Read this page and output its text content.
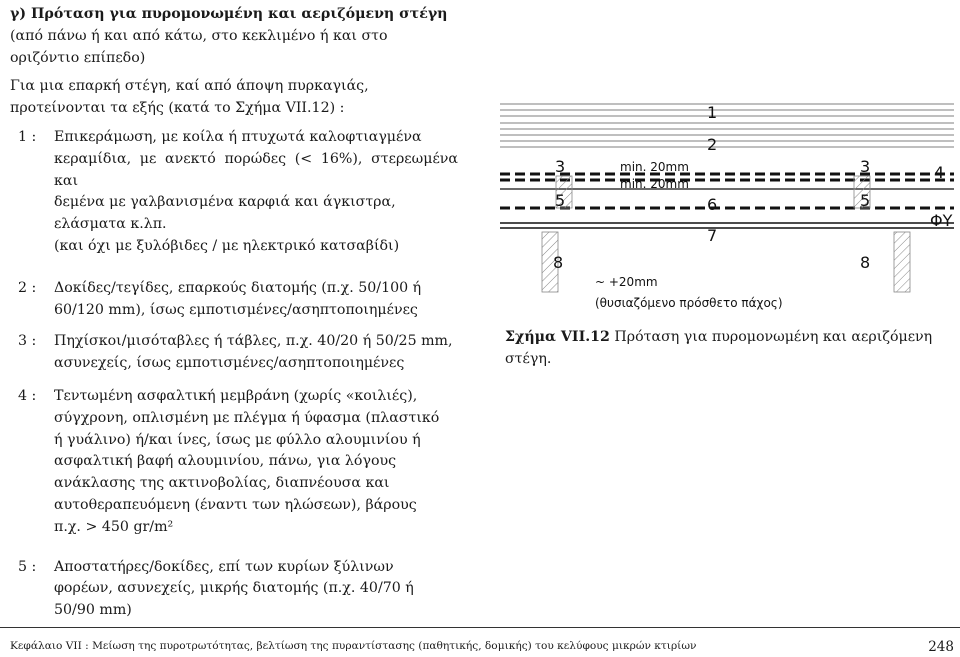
γ) Πρόταση για πυρομονωμένη και αεριζόμενη στέγη

(από πάνω ή και από κάτω, στο κεκλιμένο ή και στο
οριζόντιο επίπεδο)

Για μια επαρκή στέγη, καί από άποψη πυρκαγιάς,
προτείνονται τα εξής (κατά το Σχήμα VII.12) :

1 : Επικεράμωση, με κοίλα ή πτυχωτά καλοφτιαγμένα
κεραμίδια, με ανεκτό πορώδες (< 16%), στερεωμένα και
δεμένα με γαλβανισμένα καρφιά και άγκιστρα,
ελάσματα κ.λπ.
(και όχι με ξυλόβιδες / με ηλεκτρικό κατσαβίδι)
2 : Δοκίδες/τεγίδες, επαρκούς διατομής (π.χ. 50/100 ή
60/120 mm), ίσως εμποτισμένες/ασηπτοποιημένες
3 : Πηχίσκοι/μισόταβλες ή τάβλες, π.χ. 40/20 ή 50/25 mm,
ασυνεχείς, ίσως εμποτισμένες/ασηπτοποιημένες
4 : Τεντωμένη ασφαλτική μεμβράνη (χωρίς «κοιλιές),
σύγχρονη, οπλισμένη με πλέγμα ή ύφασμα (πλαστικό
ή γυάλινο) ή/και ίνες, ίσως με φύλλο αλουμινίου ή
ασφαλτική βαφή αλουμινίου, πάνω, για λόγους
ανάκλασης της ακτινοβολίας, διαπνέουσα και
αυτοθεραπευόμενη (έναντι των ηλώσεων), βάρους
π.χ. > 450 gr/m²
5 : Αποστατήρες/δοκίδες, επί των κυρίων ξύλινων
φορέων, ασυνεχείς, μικρής διατομής (π.χ. 40/70 ή
50/90 mm)
1
2
3	3	4
5	5
6
7
8	8
ΦΥ
min. 20mm
min. 20mm
~ +20mm
(θυσιαζόμενο πρόσθετο πάχος)
Σχήμα VII.12 Πρόταση για πυρομονωμένη και αεριζόμενη
στέγη.
Κεφάλαιο VII : Μείωση της πυροτρωτότητας, βελτίωση της πυραντίστασης (παθητικής, δομικής) του κελύφους μικρών κτιρίων	248
